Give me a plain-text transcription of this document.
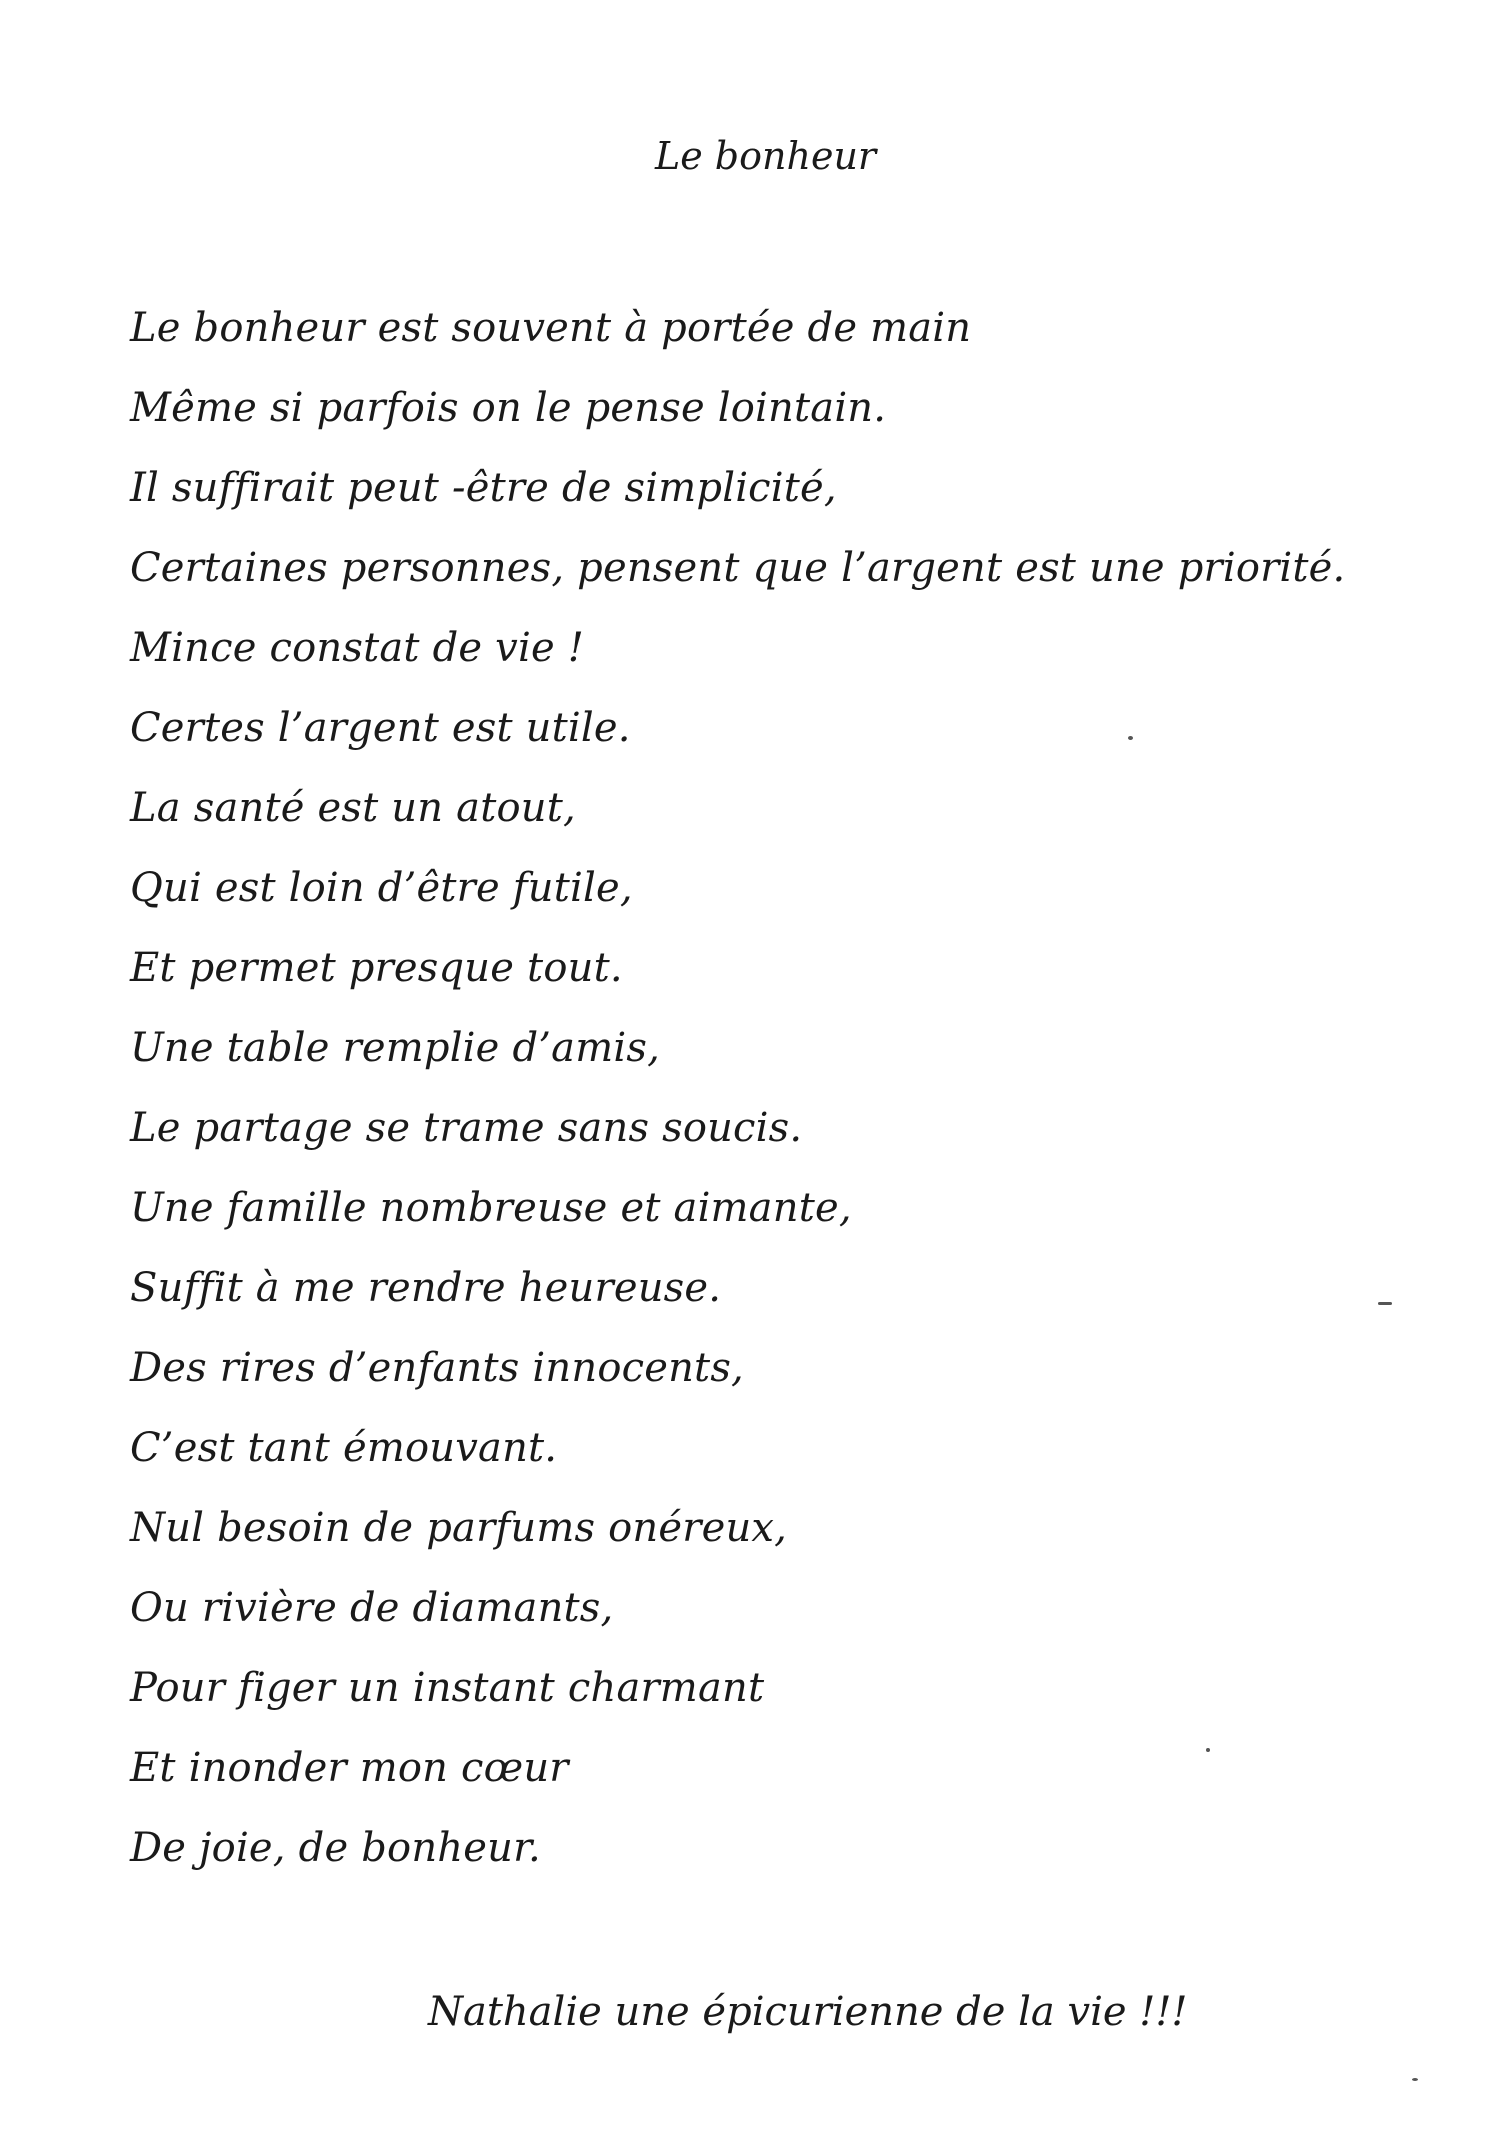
Le bonheur
Le bonheur est souvent à portée de main
Même si parfois on le pense lointain.
Il suffirait peut -être de simplicité,
Certaines personnes, pensent que l’argent est une priorité.
Mince constat de vie !
Certes l’argent est utile.
La santé est un atout,
Qui est loin d’être futile,
Et permet presque tout.
Une table remplie d’amis,
Le partage se trame sans soucis.
Une famille nombreuse et aimante,
Suffit à me rendre heureuse.
Des rires d’enfants innocents,
C’est tant émouvant.
Nul besoin de parfums onéreux,
Ou rivière de diamants,
Pour figer un instant charmant
Et inonder mon cœur
De joie, de bonheur.
Nathalie une épicurienne de la vie !!!
